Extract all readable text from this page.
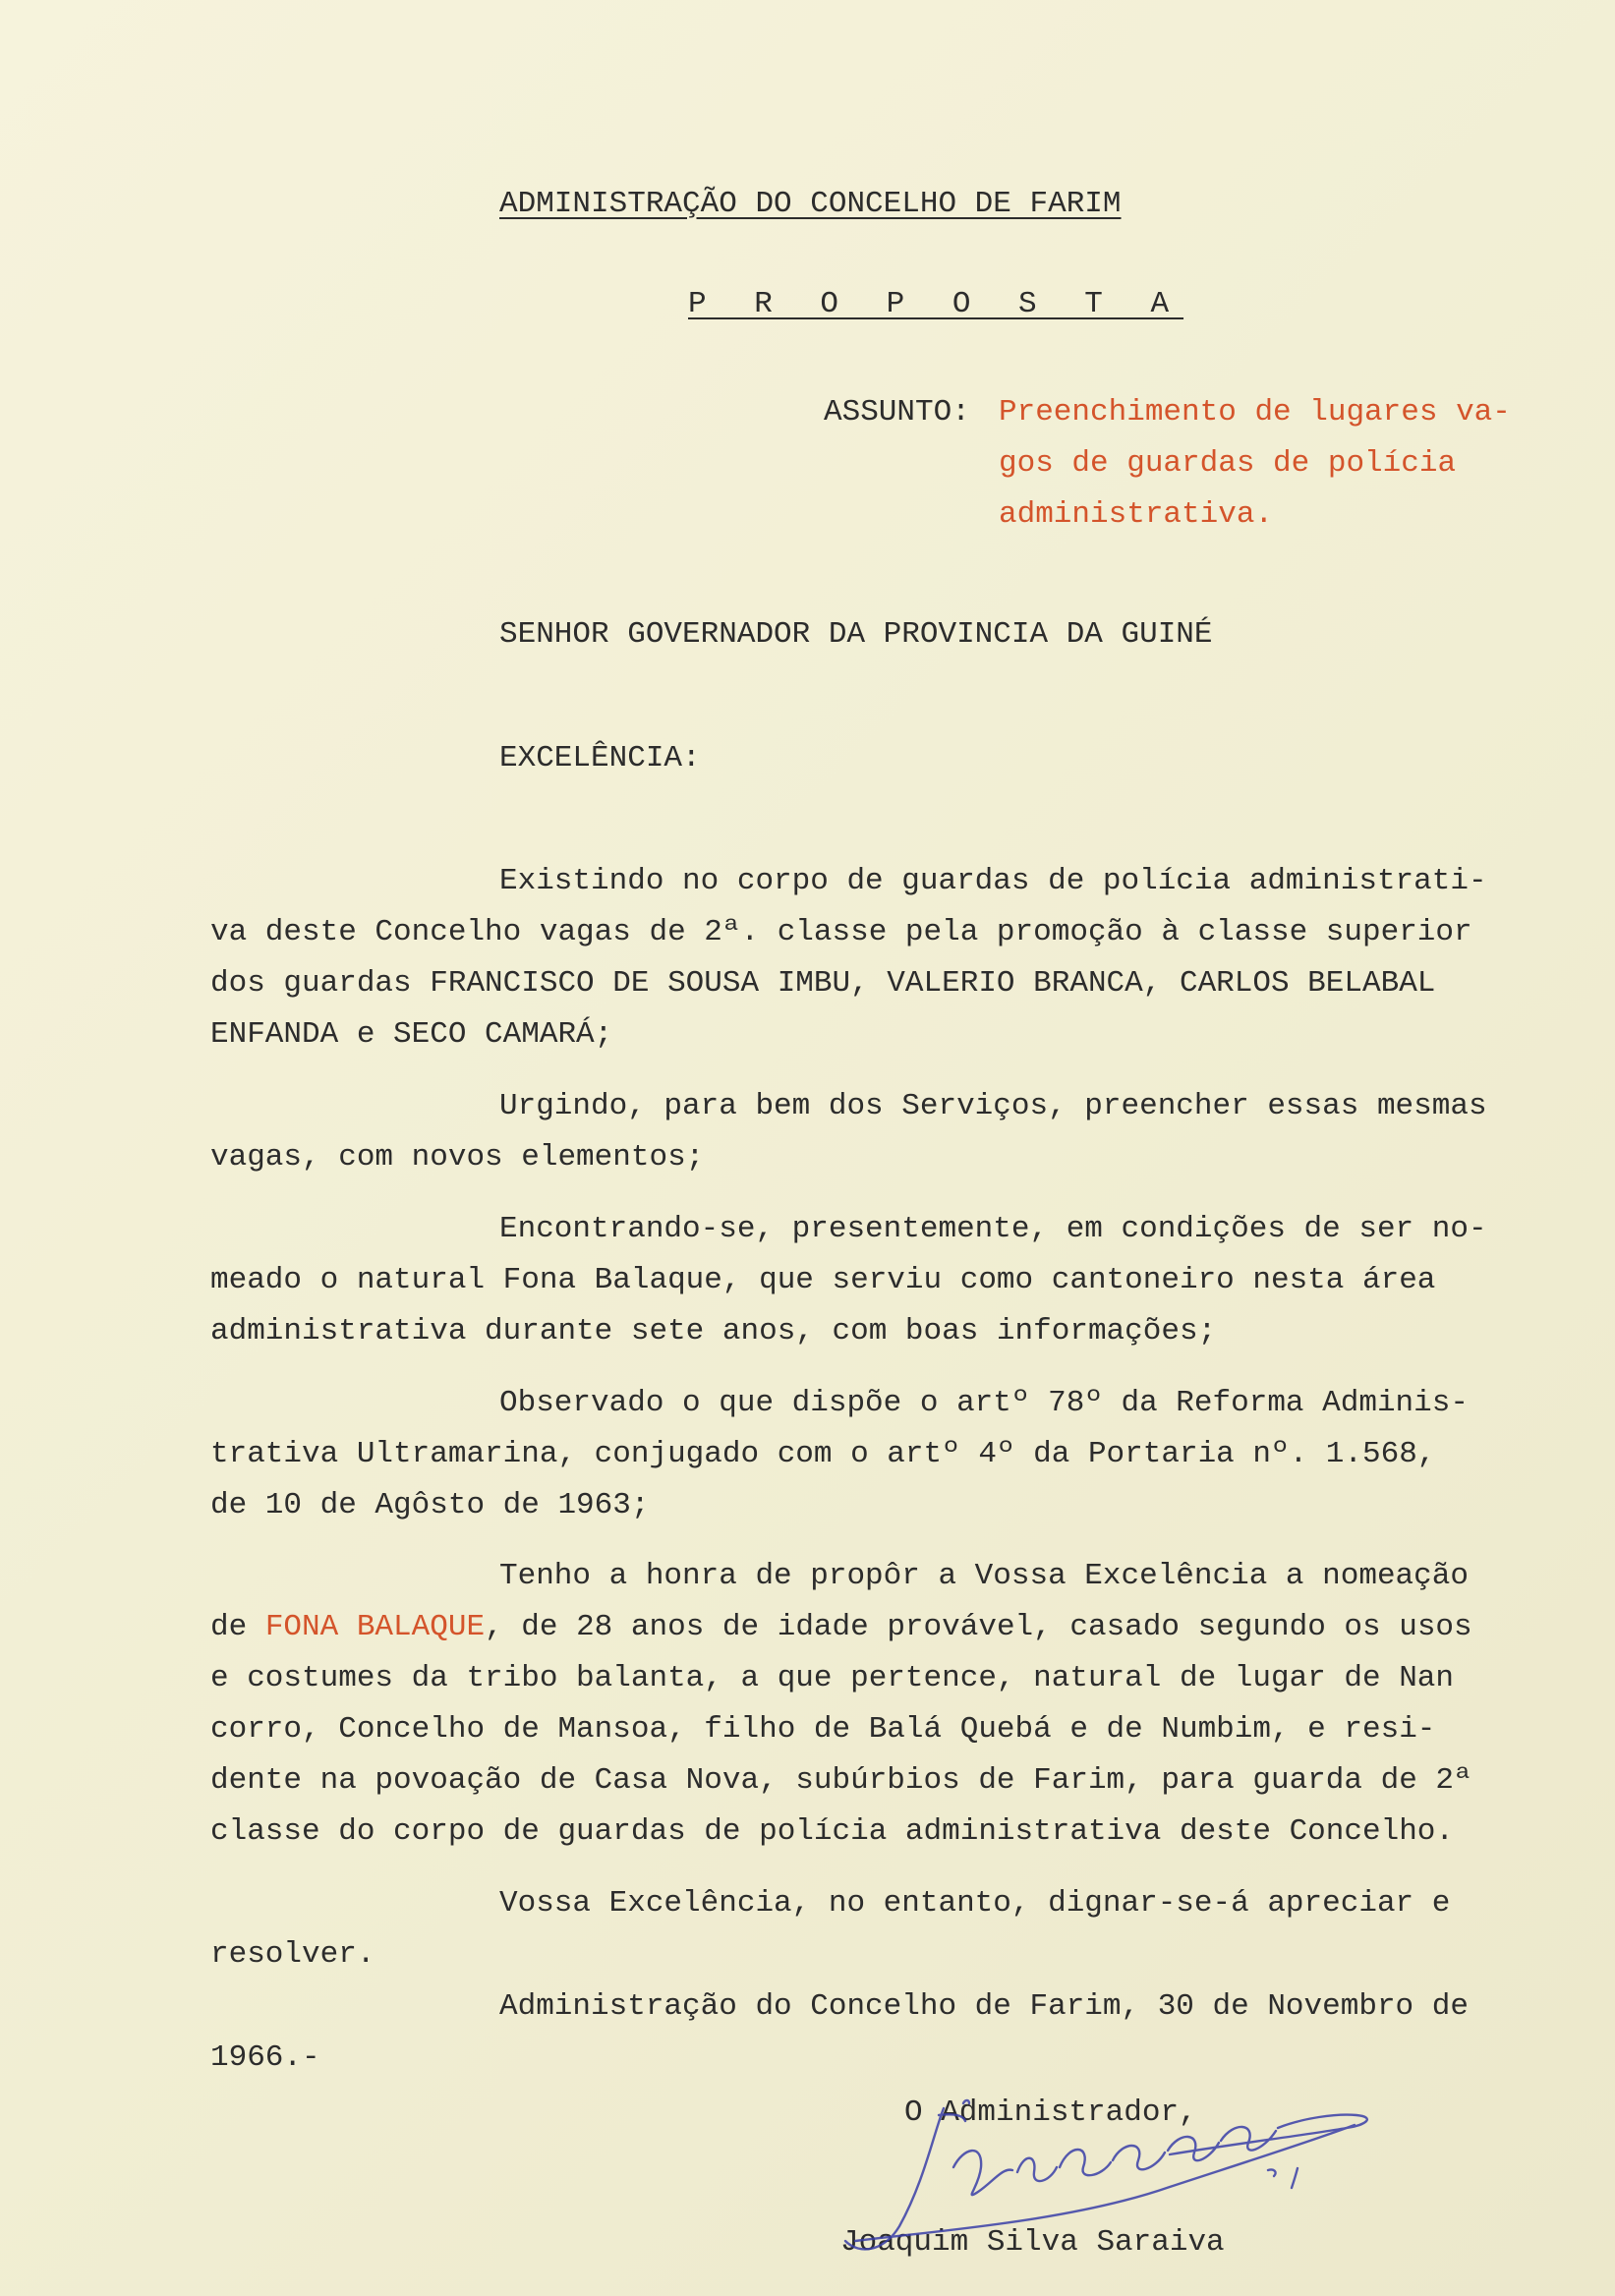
ADMINISTRAÇÃO DO CONCELHO DE FARIM

P R O P O S T A

ASSUNTO: Preenchimento de lugares va-

gos de guardas de polícia

administrativa.

SENHOR GOVERNADOR DA PROVINCIA DA GUINÉ

EXCELÊNCIA:

Existindo no corpo de guardas de polícia administrati-

va deste Concelho vagas de 2ª. classe pela promoção à classe superior

dos guardas FRANCISCO DE SOUSA IMBU, VALERIO BRANCA, CARLOS BELABAL

ENFANDA e SECO CAMARÁ;

Urgindo, para bem dos Serviços, preencher essas mesmas

vagas, com novos elementos;

Encontrando-se, presentemente, em condições de ser no-

meado o natural Fona Balaque, que serviu como cantoneiro nesta área

administrativa durante sete anos, com boas informações;

Observado o que dispõe o artº 78º da Reforma Adminis-

trativa Ultramarina, conjugado com o artº 4º da Portaria nº. 1.568,

de 10 de Agôsto de 1963;

Tenho a honra de propôr a Vossa Excelência a nomeação

de FONA BALAQUE, de 28 anos de idade provável, casado segundo os usos

e costumes da tribo balanta, a que pertence, natural de lugar de Nan

corro, Concelho de Mansoa, filho de Balá Quebá e de Numbim, e resi-

dente na povoação de Casa Nova, subúrbios de Farim, para guarda de 2ª

classe do corpo de guardas de polícia administrativa deste Concelho.

Vossa Excelência, no entanto, dignar-se-á apreciar e

resolver.

Administração do Concelho de Farim, 30 de Novembro de

1966.-

O Administrador,

Joaquim Silva Saraiva
